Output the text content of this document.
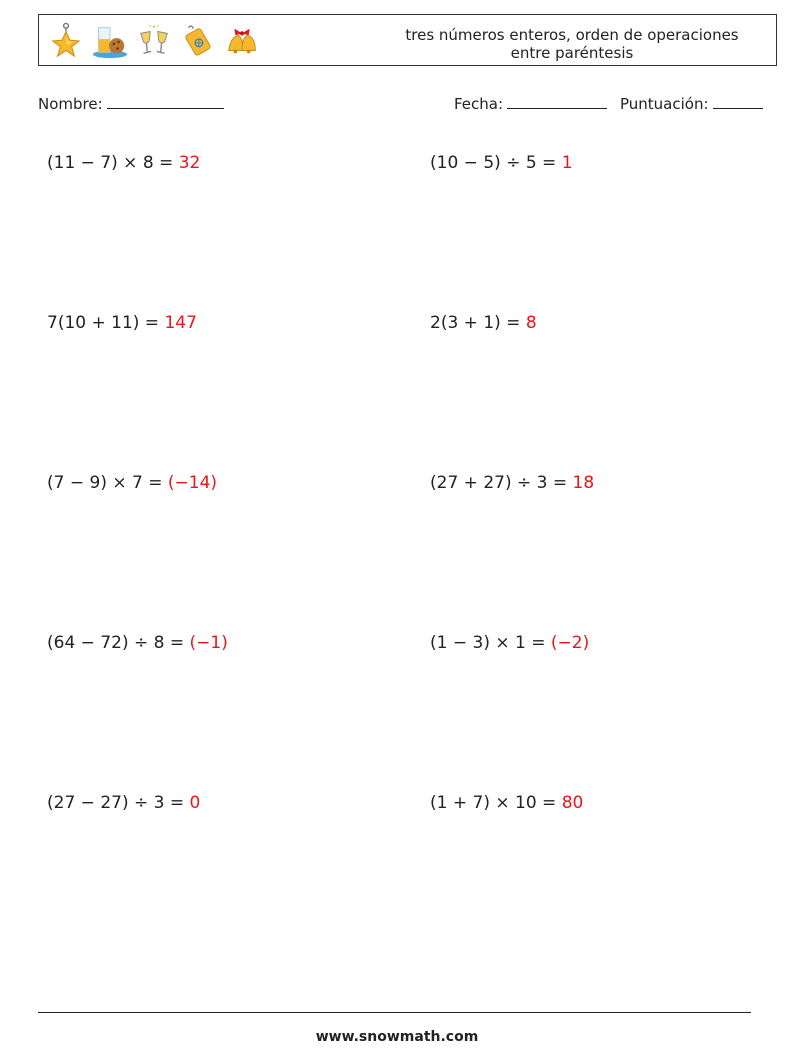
tres números enteros, orden de operaciones
entre paréntesis
Nombre:	Fecha:	Puntuación:
(11 − 7) × 8 = 32	(10 − 5) ÷ 5 = 1
7(10 + 11) = 147	2(3 + 1) = 8
(7 − 9) × 7 = (−14)	(27 + 27) ÷ 3 = 18
(64 − 72) ÷ 8 = (−1)	(1 − 3) × 1 = (−2)
(27 − 27) ÷ 3 = 0	(1 + 7) × 10 = 80
www.snowmath.com
